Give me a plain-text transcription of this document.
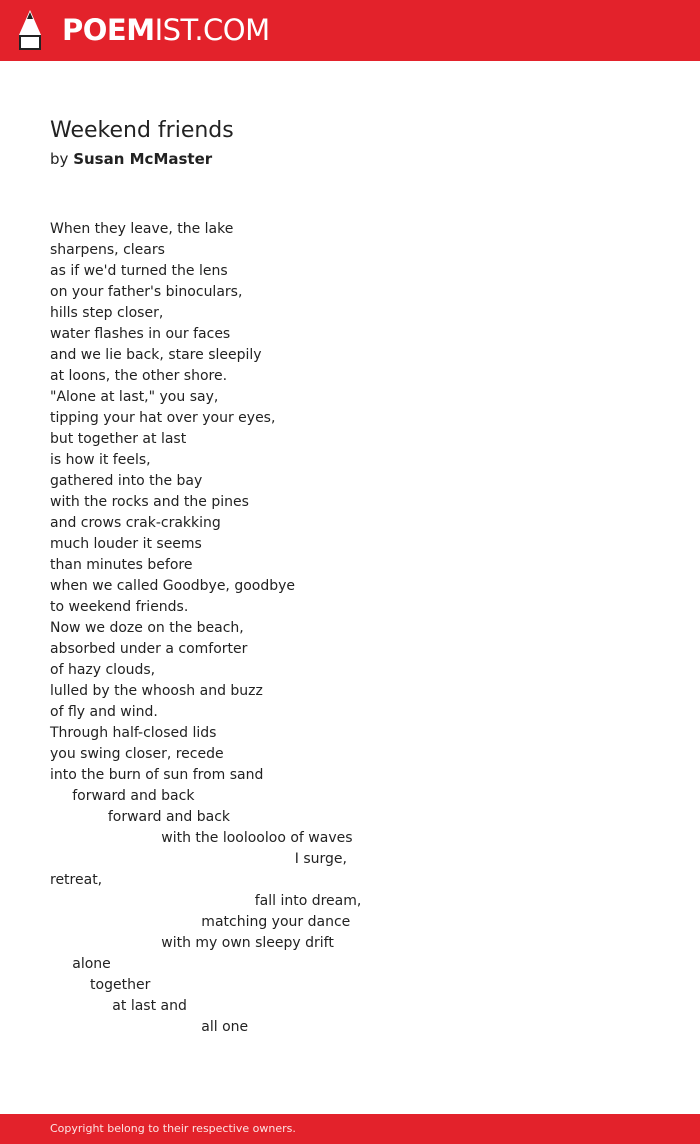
POEMIST.COM
Weekend friends
by Susan McMaster
When they leave, the lake
sharpens, clears
as if we'd turned the lens
on your father's binoculars,
hills step closer,
water flashes in our faces
and we lie back, stare sleepily
at loons, the other shore.
"Alone at last," you say,
tipping your hat over your eyes,
but together at last
is how it feels,
gathered into the bay
with the rocks and the pines
and crows crak-crakking
much louder it seems
than minutes before
when we called Goodbye, goodbye
to weekend friends.
Now we doze on the beach,
absorbed under a comforter
of hazy clouds,
lulled by the whoosh and buzz
of fly and wind.
Through half-closed lids
you swing closer, recede
into the burn of sun from sand
forward and back
forward and back
with the loolooloo of waves
I surge,
retreat,
fall into dream,
matching your dance
with my own sleepy drift
alone
together
at last and
all one
Copyright belong to their respective owners.
